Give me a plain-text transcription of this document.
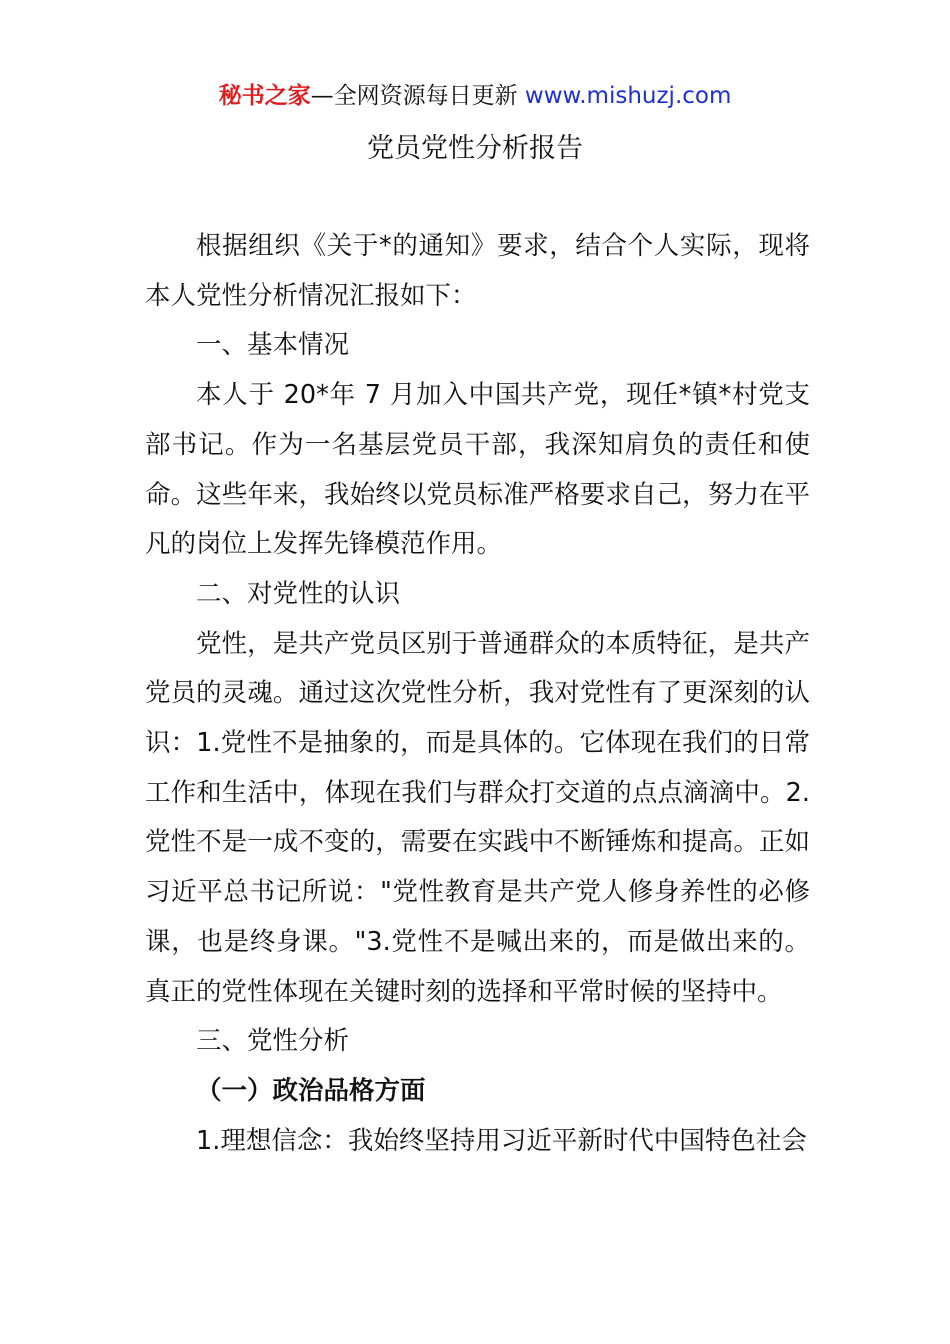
秘书之家—全网资源每日更新 www.mishuzj.com
党员党性分析报告

根据组织《关于*的通知》要求，结合个人实际，现将本人党性分析情况汇报如下：

一、基本情况

本人于 20*年 7 月加入中国共产党，现任*镇*村党支部书记。作为一名基层党员干部，我深知肩负的责任和使命。这些年来，我始终以党员标准严格要求自己，努力在平凡的岗位上发挥先锋模范作用。

二、对党性的认识

党性，是共产党员区别于普通群众的本质特征，是共产党员的灵魂。通过这次党性分析，我对党性有了更深刻的认识：1.党性不是抽象的，而是具体的。它体现在我们的日常工作和生活中，体现在我们与群众打交道的点点滴滴中。2.党性不是一成不变的，需要在实践中不断锤炼和提高。正如习近平总书记所说："党性教育是共产党人修身养性的必修课，也是终身课。"3.党性不是喊出来的，而是做出来的。真正的党性体现在关键时刻的选择和平常时候的坚持中。

三、党性分析

（一）政治品格方面

1.理想信念：我始终坚持用习近平新时代中国特色社会
